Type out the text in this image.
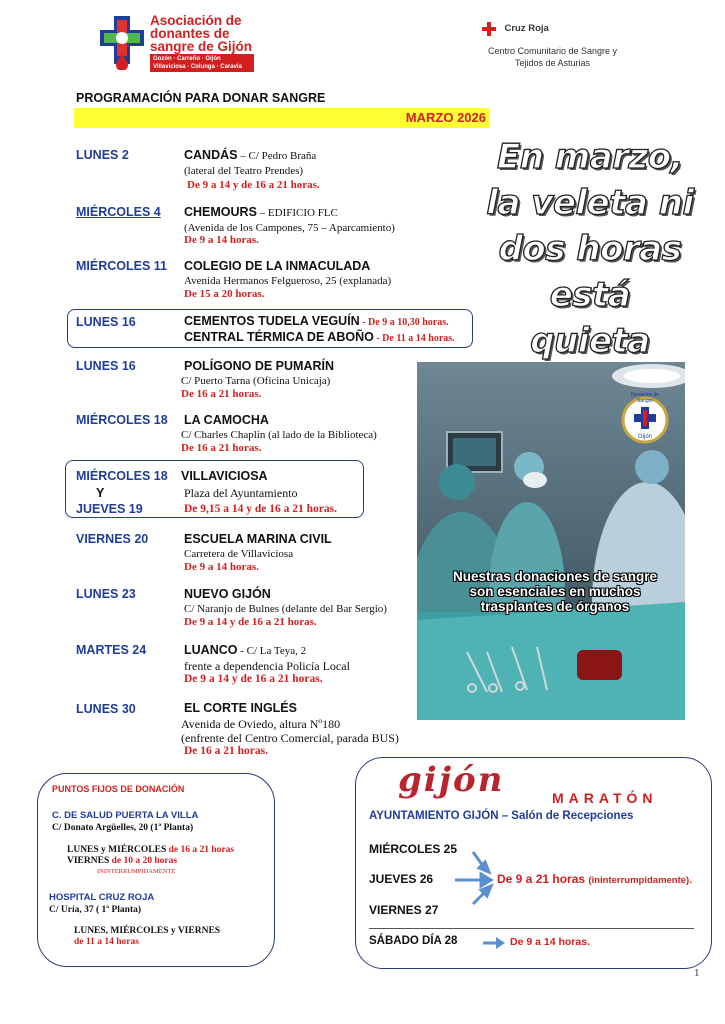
Asociación de
donantes de
sangre de Gijón
Gozón · Carreño · Gijón
Villaviciosa · Colunga · Caravia
Cruz Roja
Centro Comunitario de Sangre y
Tejidos de Asturias
PROGRAMACIÓN PARA DONAR SANGRE
MARZO 2026
LUNES 2	CANDÁS – C/ Pedro Braña
(lateral del Teatro Prendes)
De 9 a 14 y de 16 a 21 horas.
MIÉRCOLES 4 CHEMOURS – EDIFICIO FLC
(Avenida de los Campones, 75 – Aparcamiento)
De 9 a 14 horas.
MIÉRCOLES 11 COLEGIO DE LA INMACULADA
Avenida Hermanos Felgueroso, 25 (explanada)
De 15 a 20 horas.
LUNES 16	CEMENTOS TUDELA VEGUÍN - De 9 a 10,30 horas.
CENTRAL TÉRMICA DE ABOÑO - De 11 a 14 horas.
LUNES 16	POLÍGONO DE PUMARÍN
C/ Puerto Tarna (Oficina Unicaja)
De 16 a 21 horas.
MIÉRCOLES 18 LA CAMOCHA
C/ Charles Chaplin (al lado de la Biblioteca)
De 16 a 21 horas.
MIÉRCOLES 18
Y
JUEVES 19
VILLAVICIOSA
Plaza del Ayuntamiento
De 9,15 a 14 y de 16 a 21 horas.
VIERNES 20	ESCUELA MARINA CIVIL
Carretera de Villaviciosa
De 9 a 14 horas.
LUNES 23	NUEVO GIJÓN
C/ Naranjo de Bulnes (delante del Bar Sergio)
De 9 a 14 y de 16 a 21 horas.
MARTES 24	LUANCO - C/ La Teya, 2
frente a dependencia Policía Local
De 9 a 14 y de 16 a 21 horas.
LUNES 30	EL CORTE INGLÉS
Avenida de Oviedo, altura Nº180
(enfrente del Centro Comercial, parada BUS)
De 16 a 21 horas.
En marzo,
la veleta ni
dos horas
está quieta
Donantes de Sangre
Gijón
Nuestras donaciones de sangre
son esenciales en muchos
trasplantes de órganos
PUNTOS FIJOS DE DONACIÓN
C. DE SALUD PUERTA LA VILLA
C/ Donato Argüelles, 20 (1ª Planta)
LUNES y MIÉRCOLES de 16 a 21 horas
VIERNES de 10 a 20 horas
ININTERRUMPIDAMENTE
HOSPITAL CRUZ ROJA
C/ Uría, 37 ( 1ª Planta)
LUNES, MIÉRCOLES y VIERNES
de 11 a 14 horas
gijón	MARATÓN
AYUNTAMIENTO GIJÓN – Salón de Recepciones
MIÉRCOLES 25
JUEVES 26
VIERNES 27
De 9 a 21 horas (ininterrumpidamente).
SÁBADO DÍA 28	De 9 a 14 horas.
1
